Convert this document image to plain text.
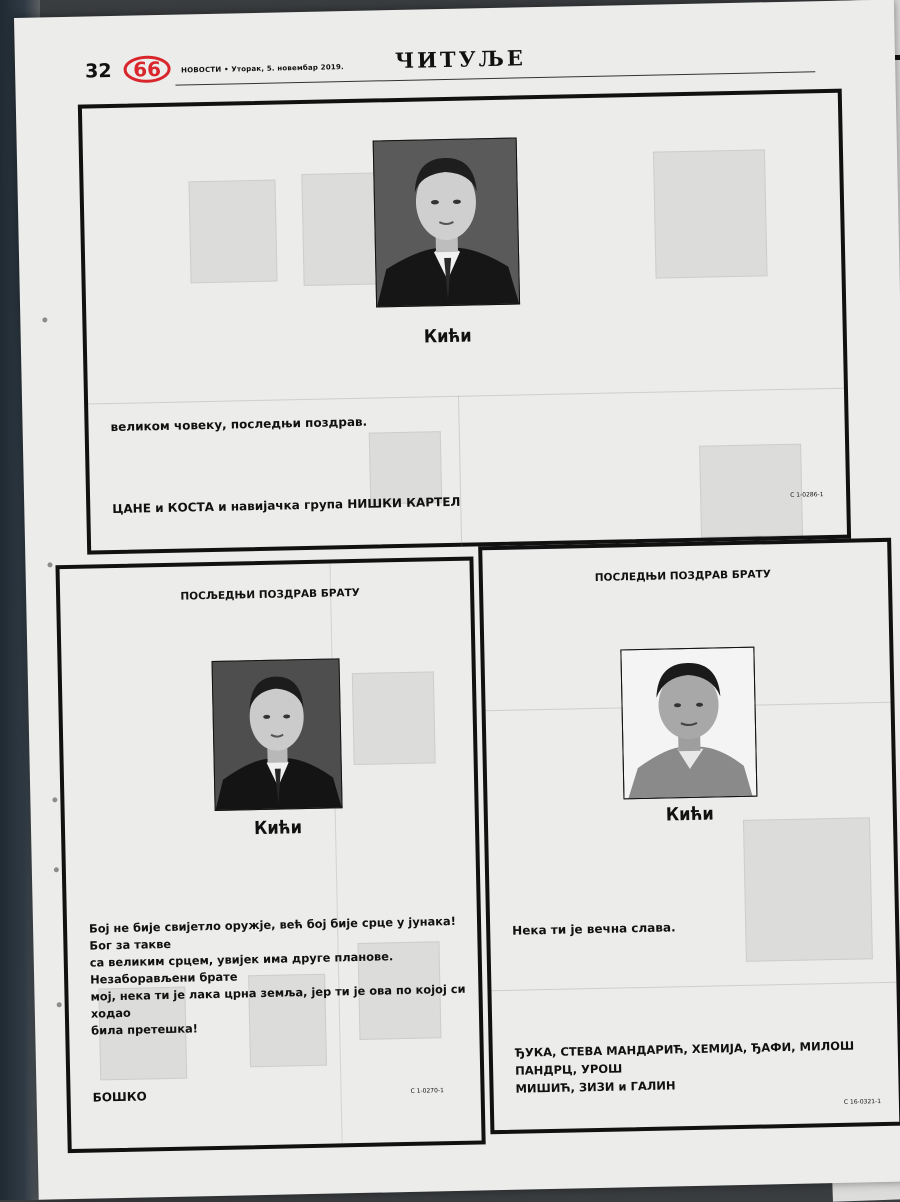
32 66	НОВОСТИ • Уторак, 5. новембар 2019. ЧИТУЉЕ
Кићи
великом човеку, последњи поздрав.
ЦАНЕ и КОСТА и навијачка група НИШКИ КАРТЕЛ	С 1-0286-1
ПОСЉЕДЊИ ПОЗДРАВ БРАТУ
Кићи
Бој не бије свијетло оружје, већ бој бије срце у јунака! Бог за такве
са великим срцем, увијек има друге планове. Незаборављени брате
мој, нека ти је лака црна земља, јер ти је ова по којој си ходао
била претешка!
БОШКО	С 1-0270-1
ПОСЛЕДЊИ ПОЗДРАВ БРАТУ
Кићи
Нека ти је вечна слава.
ЂУКА, СТЕВА МАНДАРИЋ, ХЕМИЈА, ЂАФИ, МИЛОШ ПАНДРЦ, УРОШ
МИШИЋ, ЗИЗИ и ГАЛИН
С 16-0321-1
